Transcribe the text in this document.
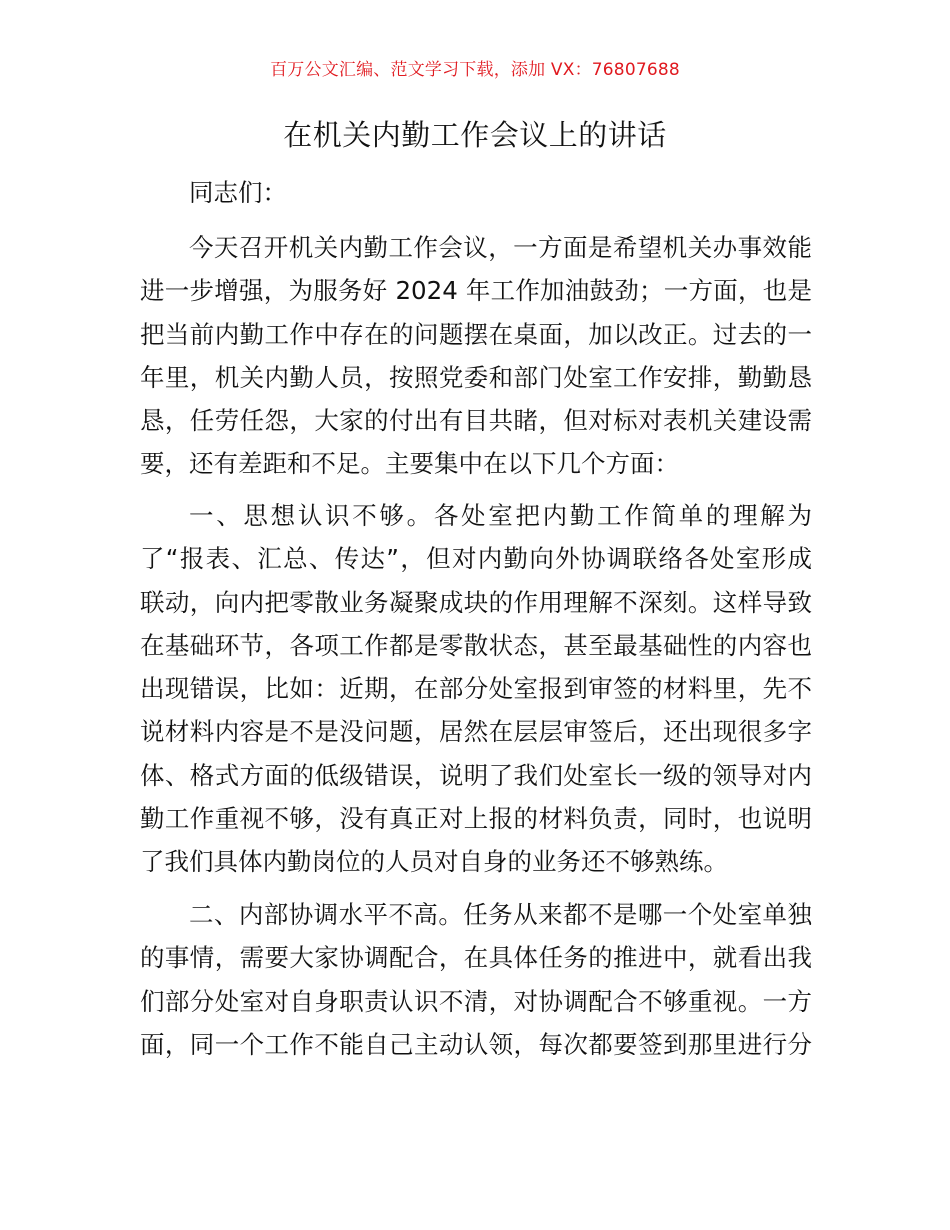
百万公文汇编、范文学习下载，添加 VX：76807688
在机关内勤工作会议上的讲话
同志们：
今天召开机关内勤工作会议，一方面是希望机关办事效能
进一步增强，为服务好 2024 年工作加油鼓劲；一方面，也是
把当前内勤工作中存在的问题摆在桌面，加以改正。过去的一
年里，机关内勤人员，按照党委和部门处室工作安排，勤勤恳
恳，任劳任怨，大家的付出有目共睹，但对标对表机关建设需
要，还有差距和不足。主要集中在以下几个方面：
一、思想认识不够。各处室把内勤工作简单的理解为
了“报表、汇总、传达”，但对内勤向外协调联络各处室形成
联动，向内把零散业务凝聚成块的作用理解不深刻。这样导致
在基础环节，各项工作都是零散状态，甚至最基础性的内容也
出现错误，比如：近期，在部分处室报到审签的材料里，先不
说材料内容是不是没问题，居然在层层审签后，还出现很多字
体、格式方面的低级错误，说明了我们处室长一级的领导对内
勤工作重视不够，没有真正对上报的材料负责，同时，也说明
了我们具体内勤岗位的人员对自身的业务还不够熟练。
二、内部协调水平不高。任务从来都不是哪一个处室单独
的事情，需要大家协调配合，在具体任务的推进中，就看出我
们部分处室对自身职责认识不清，对协调配合不够重视。一方
面，同一个工作不能自己主动认领，每次都要签到那里进行分
